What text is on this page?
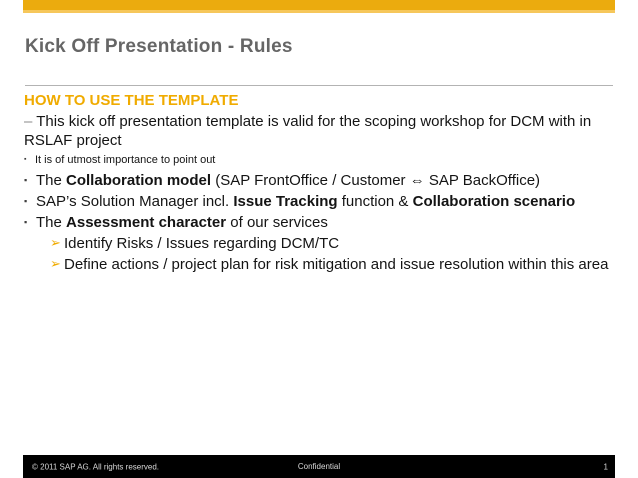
Kick Off Presentation - Rules

HOW TO USE THE TEMPLATE

– This kick off presentation template is valid for the scoping workshop for DCM with in RSLAF project

▪ It is of utmost importance to point out
▪ The Collaboration model (SAP FrontOffice / Customer ⇔ SAP BackOffice)
▪ SAP’s Solution Manager incl. Issue Tracking function & Collaboration scenario
▪ The Assessment character of our services
➢ Identify Risks / Issues regarding DCM/TC
➢ Define actions / project plan for risk mitigation and issue resolution within this area
© 2011 SAP AG. All rights reserved.	Confidential	1
